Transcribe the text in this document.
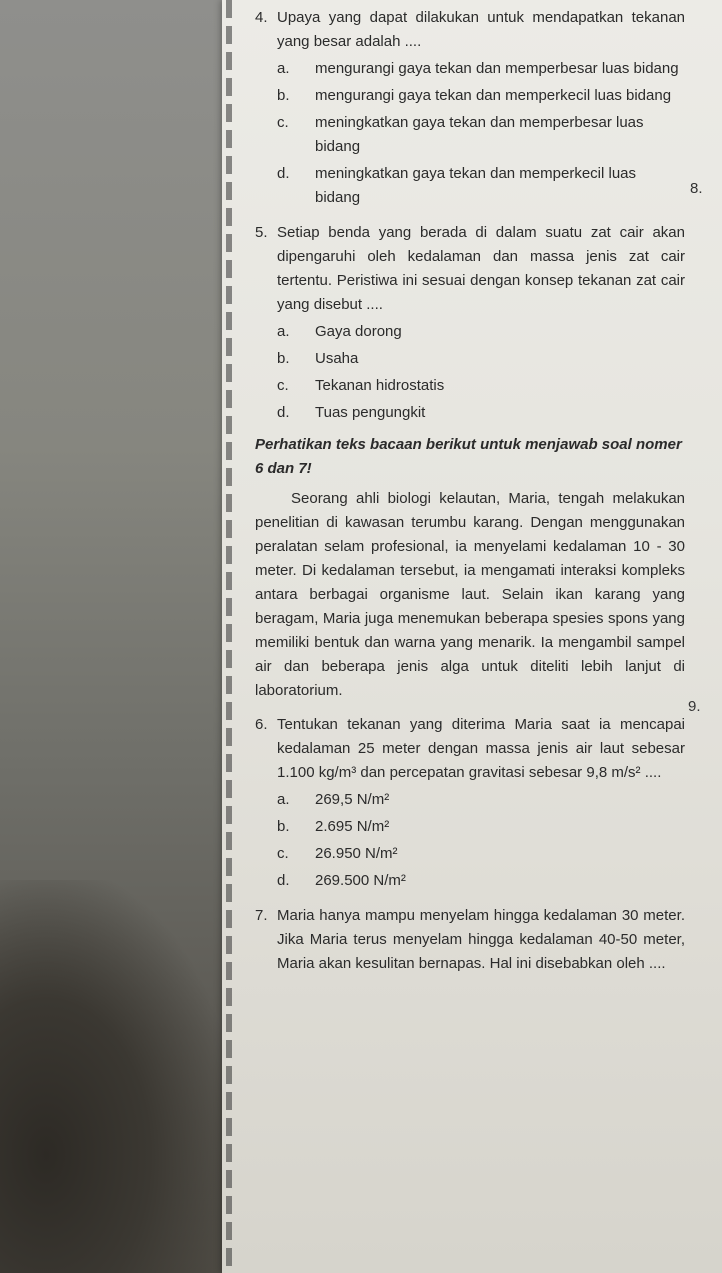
8.
9.
4. Upaya yang dapat dilakukan untuk mendapatkan tekanan yang besar adalah ....
a.	mengurangi gaya tekan dan memperbesar luas bidang
b.	mengurangi gaya tekan dan memperkecil luas bidang
c.	meningkatkan gaya tekan dan memperbesar luas bidang
d.	meningkatkan gaya tekan dan memperkecil luas bidang
5. Setiap benda yang berada di dalam suatu zat cair akan dipengaruhi oleh kedalaman dan massa jenis zat cair tertentu. Peristiwa ini sesuai dengan konsep tekanan zat cair yang disebut ....
a.	Gaya dorong
b.	Usaha
c.	Tekanan hidrostatis
d.	Tuas pengungkit
Perhatikan teks bacaan berikut untuk menjawab soal nomer 6 dan 7!

Seorang ahli biologi kelautan, Maria, tengah melakukan penelitian di kawasan terumbu karang. Dengan menggunakan peralatan selam profesional, ia menyelami kedalaman 10 - 30 meter. Di kedalaman tersebut, ia mengamati interaksi kompleks antara berbagai organisme laut. Selain ikan karang yang beragam, Maria juga menemukan beberapa spesies spons yang memiliki bentuk dan warna yang menarik. Ia mengambil sampel air dan beberapa jenis alga untuk diteliti lebih lanjut di laboratorium.

6. Tentukan tekanan yang diterima Maria saat ia mencapai kedalaman 25 meter dengan massa jenis air laut sebesar 1.100 kg/m³ dan percepatan gravitasi sebesar 9,8 m/s² ....
a.	269,5 N/m²
b.	2.695 N/m²
c.	26.950 N/m²
d.	269.500 N/m²
7. Maria hanya mampu menyelam hingga kedalaman 30 meter. Jika Maria terus menyelam hingga kedalaman 40-50 meter, Maria akan kesulitan bernapas. Hal ini disebabkan oleh ....
